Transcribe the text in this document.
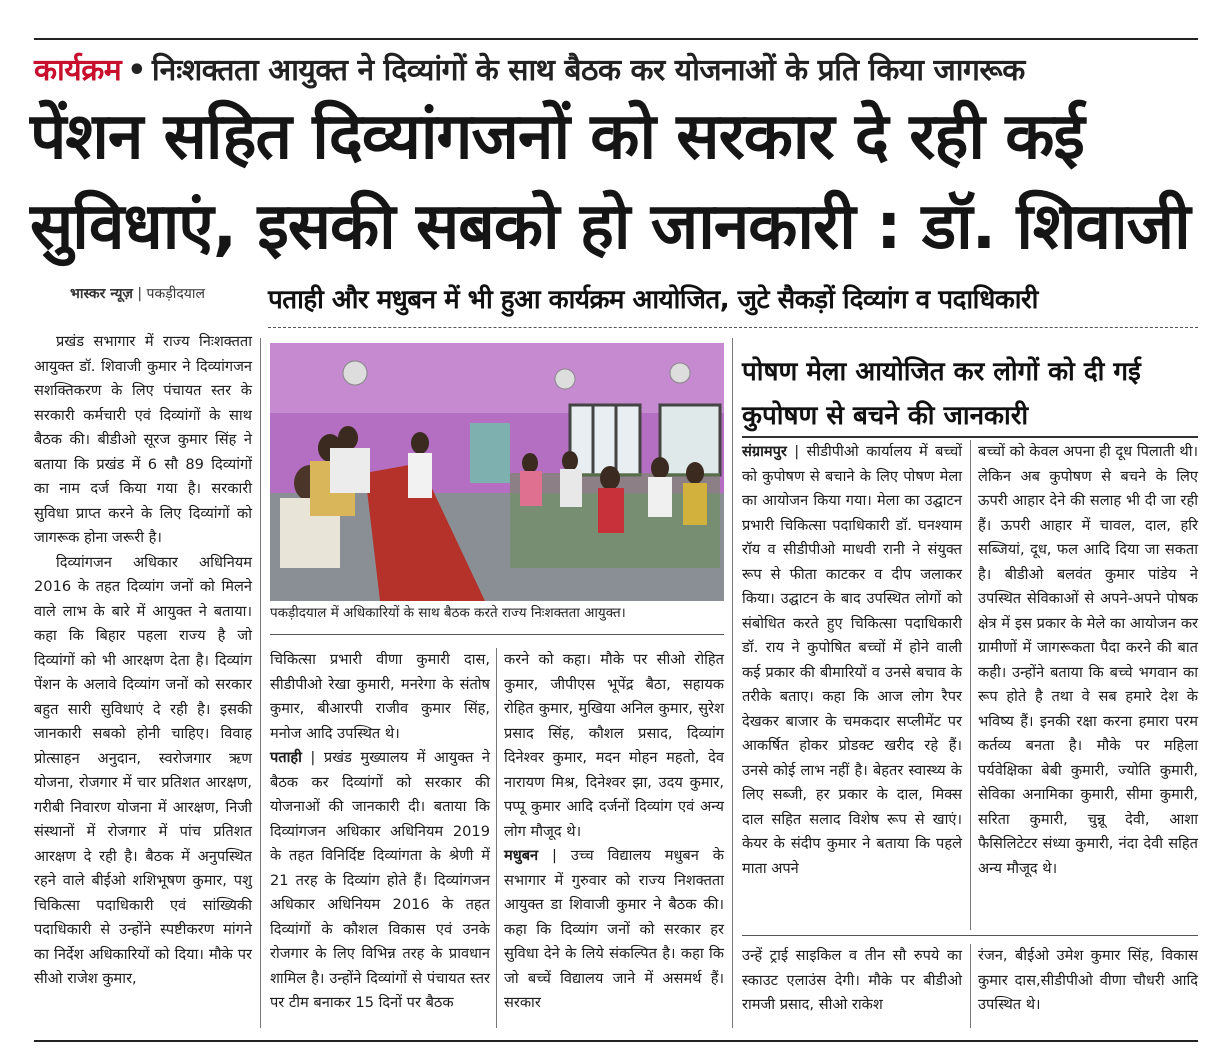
कार्यक्रम • निःशक्तता आयुक्त ने दिव्यांगों के साथ बैठक कर योजनाओं के प्रति किया जागरूक
पेंशन सहित दिव्यांगजनों को सरकार दे रही कई
सुविधाएं, इसकी सबको हो जानकारी : डॉ. शिवाजी
भास्कर न्यूज़ | पकड़ीदयाल पताही और मधुबन में भी हुआ कार्यक्रम आयोजित, जुटे सैकड़ों दिव्यांग व पदाधिकारी

प्रखंड सभागार में राज्य निःशक्तता आयुक्त डॉ. शिवाजी कुमार ने दिव्यांगजन सशक्तिकरण के लिए पंचायत स्तर के सरकारी कर्मचारी एवं दिव्यांगों के साथ बैठक की। बीडीओ सूरज कुमार सिंह ने बताया कि प्रखंड में 6 सौ 89 दिव्यांगों का नाम दर्ज किया गया है। सरकारी सुविधा प्राप्त करने के लिए दिव्यांगों को जागरूक होना जरूरी है।

दिव्यांगजन अधिकार अधिनियम 2016 के तहत दिव्यांग जनों को मिलने वाले लाभ के बारे में आयुक्त ने बताया। कहा कि बिहार पहला राज्य है जो दिव्यांगों को भी आरक्षण देता है। दिव्यांग पेंशन के अलावे दिव्यांग जनों को सरकार बहुत सारी सुविधाएं दे रही है। इसकी जानकारी सबको होनी चाहिए। विवाह प्रोत्साहन अनुदान, स्वरोजगार ऋण योजना, रोजगार में चार प्रतिशत आरक्षण, गरीबी निवारण योजना में आरक्षण, निजी संस्थानों में रोजगार में पांच प्रतिशत आरक्षण दे रही है। बैठक में अनुपस्थित रहने वाले बीईओ शशिभूषण कुमार, पशु चिकित्सा पदाधिकारी एवं सांख्यिकी पदाधिकारी से उन्होंने स्पष्टीकरण मांगने का निर्देश अधिकारियों को दिया। मौके पर सीओ राजेश कुमार,

पकड़ीदयाल में अधिकारियों के साथ बैठक करते राज्य निःशक्तता आयुक्त।

चिकित्सा प्रभारी वीणा कुमारी दास, सीडीपीओ रेखा कुमारी, मनरेगा के संतोष कुमार, बीआरपी राजीव कुमार सिंह, मनोज आदि उपस्थित थे।

पताही | प्रखंड मुख्यालय में आयुक्त ने बैठक कर दिव्यांगों को सरकार की योजनाओं की जानकारी दी। बताया कि दिव्यांगजन अधिकार अधिनियम 2019 के तहत विनिर्दिष्ट दिव्यांगता के श्रेणी में 21 तरह के दिव्यांग होते हैं। दिव्यांगजन अधिकार अधिनियम 2016 के तहत दिव्यांगों के कौशल विकास एवं उनके रोजगार के लिए विभिन्न तरह के प्रावधान शामिल है। उन्होंने दिव्यांगों से पंचायत स्तर पर टीम बनाकर 15 दिनों पर बैठक

करने को कहा। मौके पर सीओ रोहित कुमार, जीपीएस भूपेंद्र बैठा, सहायक रोहित कुमार, मुखिया अनिल कुमार, सुरेश प्रसाद सिंह, कौशल प्रसाद, दिव्यांग दिनेश्वर कुमार, मदन मोहन महतो, देव नारायण मिश्र, दिनेश्वर झा, उदय कुमार, पप्पू कुमार आदि दर्जनों दिव्यांग एवं अन्य लोग मौजूद थे।

मधुबन | उच्च विद्यालय मधुबन के सभागार में गुरुवार को राज्य निशक्तता आयुक्त डा शिवाजी कुमार ने बैठक की। कहा कि दिव्यांग जनों को सरकार हर सुविधा देने के लिये संकल्पित है। कहा कि जो बच्चें विद्यालय जाने में असमर्थ हैं। सरकार

पोषण मेला आयोजित कर लोगों को दी गई कुपोषण से बचने की जानकारी

संग्रामपुर | सीडीपीओ कार्यालय में बच्चों को कुपोषण से बचाने के लिए पोषण मेला का आयोजन किया गया। मेला का उद्घाटन प्रभारी चिकित्सा पदाधिकारी डॉ. घनश्याम रॉय व सीडीपीओ माधवी रानी ने संयुक्त रूप से फीता काटकर व दीप जलाकर किया। उद्घाटन के बाद उपस्थित लोगों को संबोधित करते हुए चिकित्सा पदाधिकारी डॉ. राय ने कुपोषित बच्चों में होने वाली कई प्रकार की बीमारियों व उनसे बचाव के तरीके बताए। कहा कि आज लोग रैपर देखकर बाजार के चमकदार सप्लीमेंट पर आकर्षित होकर प्रोडक्ट खरीद रहे हैं। उनसे कोई लाभ नहीं है। बेहतर स्वास्थ्य के लिए सब्जी, हर प्रकार के दाल, मिक्स दाल सहित सलाद विशेष रूप से खाएं। केयर के संदीप कुमार ने बताया कि पहले माता अपने

बच्चों को केवल अपना ही दूध पिलाती थी। लेकिन अब कुपोषण से बचने के लिए ऊपरी आहार देने की सलाह भी दी जा रही हैं। ऊपरी आहार में चावल, दाल, हरि सब्जियां, दूध, फल आदि दिया जा सकता है। बीडीओ बलवंत कुमार पांडेय ने उपस्थित सेविकाओं से अपने-अपने पोषक क्षेत्र में इस प्रकार के मेले का आयोजन कर ग्रामीणों में जागरूकता पैदा करने की बात कही। उन्होंने बताया कि बच्चे भगवान का रूप होते है तथा वे सब हमारे देश के भविष्य हैं। इनकी रक्षा करना हमारा परम कर्तव्य बनता है। मौके पर महिला पर्यवेक्षिका बेबी कुमारी, ज्योति कुमारी, सेविका अनामिका कुमारी, सीमा कुमारी, सरिता कुमारी, चुन्नू देवी, आशा फैसिलिटेटर संध्या कुमारी, नंदा देवी सहित अन्य मौजूद थे।

उन्हें ट्राई साइकिल व तीन सौ रुपये का स्काउट एलाउंस देगी। मौके पर बीडीओ रामजी प्रसाद, सीओ राकेश

रंजन, बीईओ उमेश कुमार सिंह, विकास कुमार दास,सीडीपीओ वीणा चौधरी आदि उपस्थित थे।
